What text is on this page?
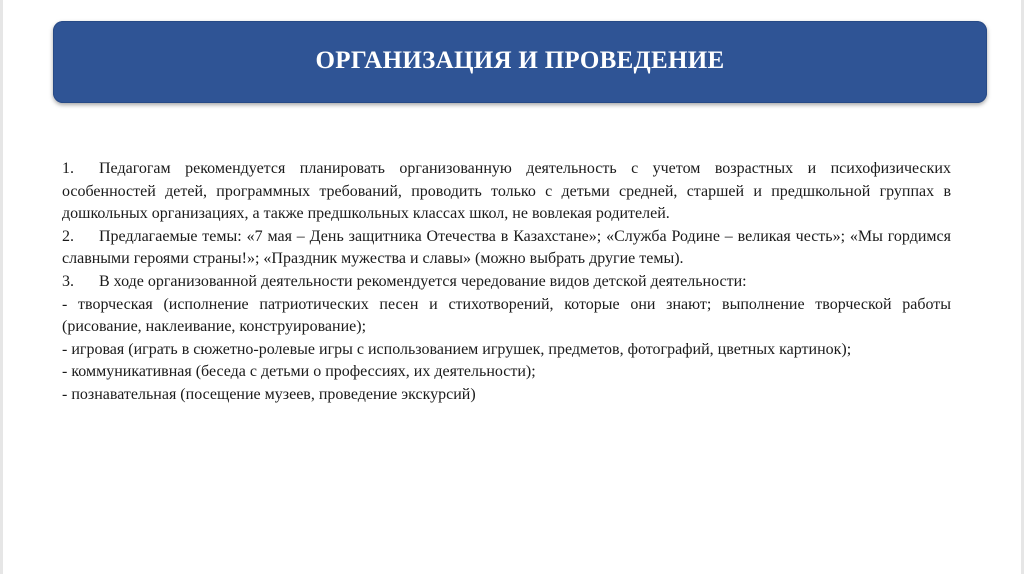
ОРГАНИЗАЦИЯ И ПРОВЕДЕНИЕ

1. Педагогам рекомендуется планировать организованную деятельность с учетом возрастных и психофизических особенностей детей, программных требований, проводить только с детьми средней, старшей и предшкольной группах в дошкольных организациях, а также предшкольных классах школ, не вовлекая родителей.

2. Предлагаемые темы: «7 мая – День защитника Отечества в Казахстане»; «Служба Родине – великая честь»; «Мы гордимся славными героями страны!»; «Праздник мужества и славы» (можно выбрать другие темы).

3. В ходе организованной деятельности рекомендуется чередование видов детской деятельности:

- творческая (исполнение патриотических песен и стихотворений, которые они знают; выполнение творческой работы (рисование, наклеивание, конструирование);

- игровая (играть в сюжетно-ролевые игры с использованием игрушек, предметов, фотографий, цветных картинок);

- коммуникативная (беседа с детьми о профессиях, их деятельности);

- познавательная (посещение музеев, проведение экскурсий)
